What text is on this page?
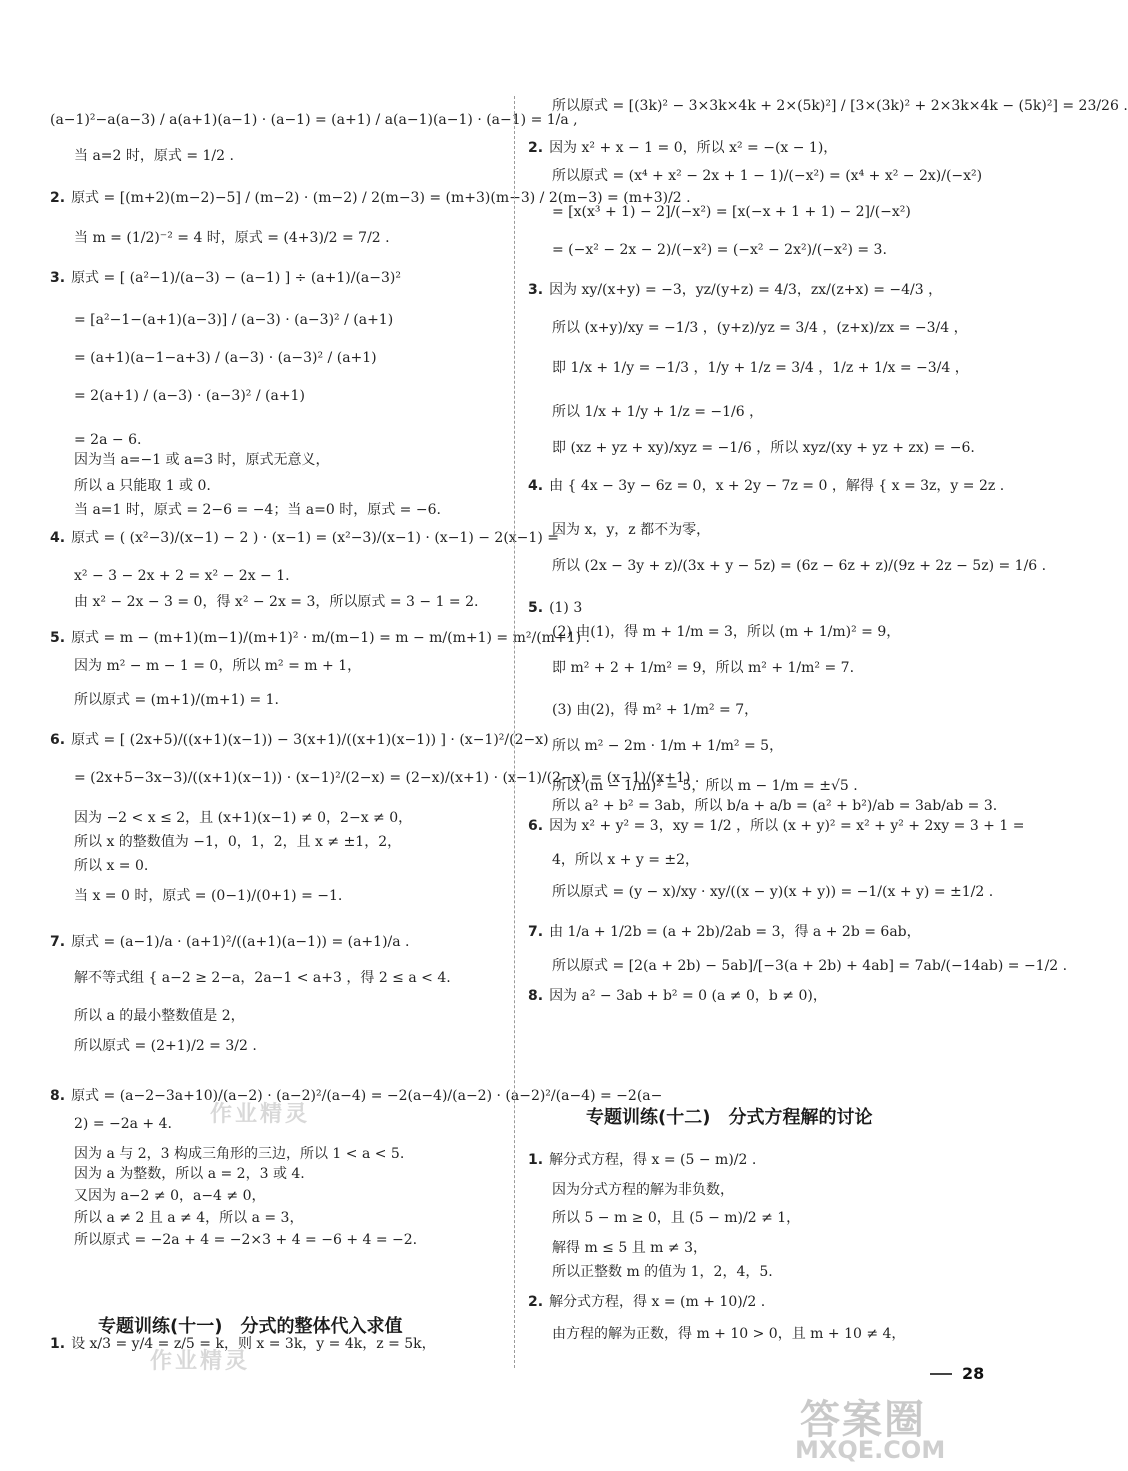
(a−1)²−a(a−3) / a(a+1)(a−1) · (a−1) = (a+1) / a(a−1)(a−1) · (a−1) = 1/a ,
当 a=2 时，原式 = 1/2 .
2. 原式 = [(m+2)(m−2)−5] / (m−2) · (m−2) / 2(m−3) = (m+3)(m−3) / 2(m−3) = (m+3)/2 .
当 m = (1/2)⁻² = 4 时，原式 = (4+3)/2 = 7/2 .
3. 原式 = [ (a²−1)/(a−3) − (a−1) ] ÷ (a+1)/(a−3)²
= [a²−1−(a+1)(a−3)] / (a−3) · (a−3)² / (a+1)
= (a+1)(a−1−a+3) / (a−3) · (a−3)² / (a+1)
= 2(a+1) / (a−3) · (a−3)² / (a+1)
= 2a − 6.
因为当 a=−1 或 a=3 时，原式无意义，
所以 a 只能取 1 或 0.
当 a=1 时，原式 = 2−6 = −4；当 a=0 时，原式 = −6.
4. 原式 = ( (x²−3)/(x−1) − 2 ) · (x−1) = (x²−3)/(x−1) · (x−1) − 2(x−1) =
x² − 3 − 2x + 2 = x² − 2x − 1.
由 x² − 2x − 3 = 0，得 x² − 2x = 3，所以原式 = 3 − 1 = 2.
5. 原式 = m − (m+1)(m−1)/(m+1)² · m/(m−1) = m − m/(m+1) = m²/(m+1) .
因为 m² − m − 1 = 0，所以 m² = m + 1，
所以原式 = (m+1)/(m+1) = 1.
6. 原式 = [ (2x+5)/((x+1)(x−1)) − 3(x+1)/((x+1)(x−1)) ] · (x−1)²/(2−x)
= (2x+5−3x−3)/((x+1)(x−1)) · (x−1)²/(2−x) = (2−x)/(x+1) · (x−1)/(2−x) = (x−1)/(x+1) .
因为 −2 < x ≤ 2，且 (x+1)(x−1) ≠ 0，2−x ≠ 0，
所以 x 的整数值为 −1，0，1，2，且 x ≠ ±1，2，
所以 x = 0.
当 x = 0 时，原式 = (0−1)/(0+1) = −1.
7. 原式 = (a−1)/a · (a+1)²/((a+1)(a−1)) = (a+1)/a .
解不等式组 { a−2 ≥ 2−a，2a−1 < a+3 ，得 2 ≤ a < 4.
所以 a 的最小整数值是 2，
所以原式 = (2+1)/2 = 3/2 .
8. 原式 = (a−2−3a+10)/(a−2) · (a−2)²/(a−4) = −2(a−4)/(a−2) · (a−2)²/(a−4) = −2(a−
2) = −2a + 4.
因为 a 与 2，3 构成三角形的三边，所以 1 < a < 5.
因为 a 为整数，所以 a = 2，3 或 4.
又因为 a−2 ≠ 0，a−4 ≠ 0，
所以 a ≠ 2 且 a ≠ 4，所以 a = 3，
所以原式 = −2a + 4 = −2×3 + 4 = −6 + 4 = −2.
所以原式 = [(3k)² − 3×3k×4k + 2×(5k)²] / [3×(3k)² + 2×3k×4k − (5k)²] = 23/26 .
2. 因为 x² + x − 1 = 0，所以 x² = −(x − 1)，
所以原式 = (x⁴ + x² − 2x + 1 − 1)/(−x²) = (x⁴ + x² − 2x)/(−x²)
= [x(x³ + 1) − 2]/(−x²) = [x(−x + 1 + 1) − 2]/(−x²)
= (−x² − 2x − 2)/(−x²) = (−x² − 2x²)/(−x²) = 3.
3. 因为 xy/(x+y) = −3，yz/(y+z) = 4/3，zx/(z+x) = −4/3 ，
所以 (x+y)/xy = −1/3 ，(y+z)/yz = 3/4 ，(z+x)/zx = −3/4 ，
即 1/x + 1/y = −1/3 ，1/y + 1/z = 3/4 ，1/z + 1/x = −3/4 ，
所以 1/x + 1/y + 1/z = −1/6 ，
即 (xz + yz + xy)/xyz = −1/6 ，所以 xyz/(xy + yz + zx) = −6.
4. 由 { 4x − 3y − 6z = 0，x + 2y − 7z = 0 ，解得 { x = 3z，y = 2z .
因为 x，y，z 都不为零，
所以 (2x − 3y + z)/(3x + y − 5z) = (6z − 6z + z)/(9z + 2z − 5z) = 1/6 .
5. (1) 3
(2) 由(1)，得 m + 1/m = 3，所以 (m + 1/m)² = 9，
即 m² + 2 + 1/m² = 9，所以 m² + 1/m² = 7.
(3) 由(2)，得 m² + 1/m² = 7，
所以 m² − 2m · 1/m + 1/m² = 5，
所以 (m − 1/m)² = 5，所以 m − 1/m = ±√5 .
6. 因为 x² + y² = 3，xy = 1/2 ，所以 (x + y)² = x² + y² + 2xy = 3 + 1 =
4，所以 x + y = ±2，
所以原式 = (y − x)/xy · xy/((x − y)(x + y)) = −1/(x + y) = ±1/2 .
7. 由 1/a + 1/2b = (a + 2b)/2ab = 3，得 a + 2b = 6ab，
所以原式 = [2(a + 2b) − 5ab]/[−3(a + 2b) + 4ab] = 7ab/(−14ab) = −1/2 .
8. 因为 a² − 3ab + b² = 0 (a ≠ 0，b ≠ 0)，
所以 a² + b² = 3ab，所以 b/a + a/b = (a² + b²)/ab = 3ab/ab = 3.
专题训练(十一)　分式的整体代入求值
1. 设 x/3 = y/4 = z/5 = k，则 x = 3k，y = 4k，z = 5k，
专题训练(十二)　分式方程解的讨论
1. 解分式方程，得 x = (5 − m)/2 .
因为分式方程的解为非负数，
所以 5 − m ≥ 0，且 (5 − m)/2 ≠ 1，
解得 m ≤ 5 且 m ≠ 3，
所以正整数 m 的值为 1，2，4，5.
2. 解分式方程，得 x = (m + 10)/2 .
由方程的解为正数，得 m + 10 > 0，且 m + 10 ≠ 4，
28
作业精灵
作业精灵
答案圈
MXQE.COM
